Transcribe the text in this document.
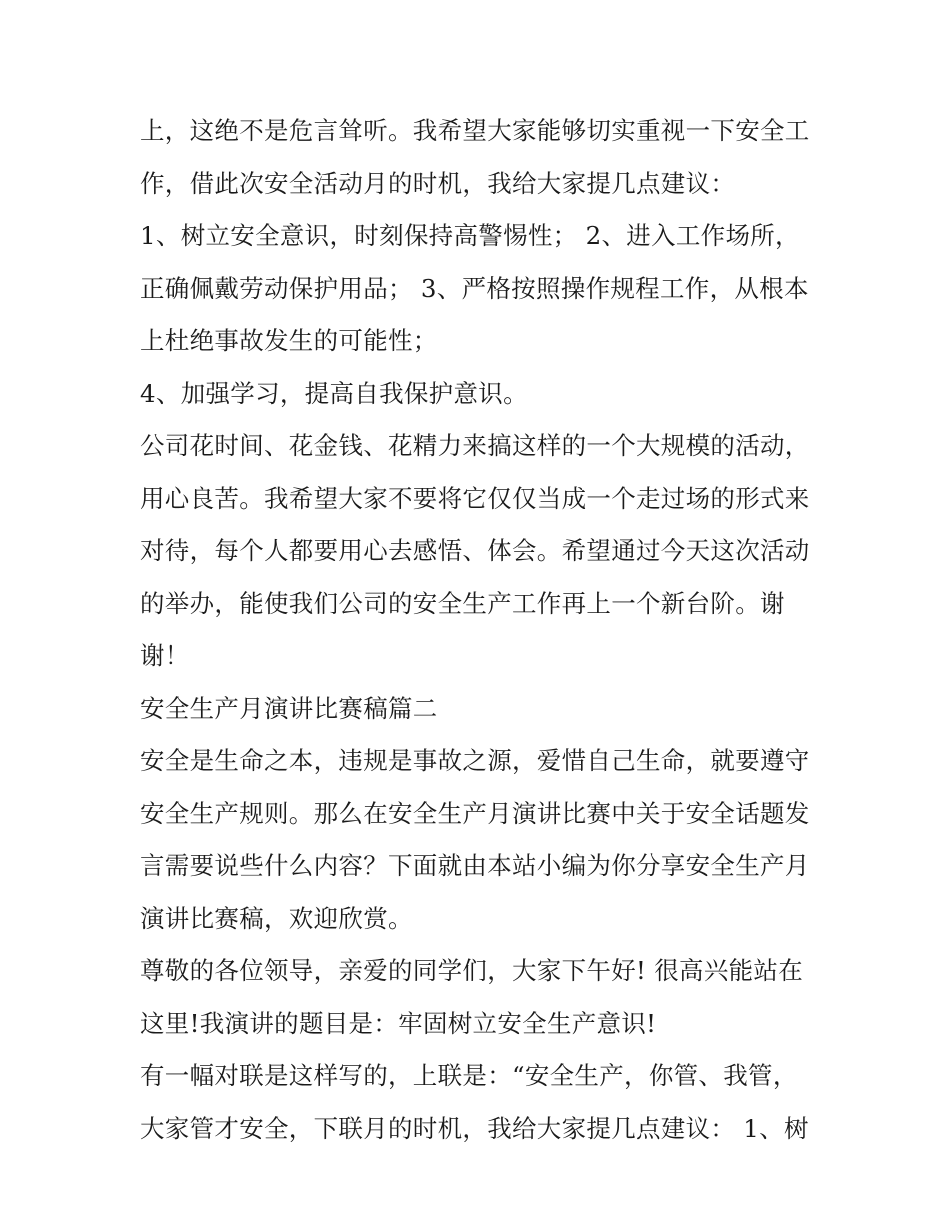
上，这绝不是危言耸听。我希望大家能够切实重视一下安全工
作，借此次安全活动月的时机，我给大家提几点建议：
1、树立安全意识，时刻保持高警惕性； 2、进入工作场所，
正确佩戴劳动保护用品； 3、严格按照操作规程工作，从根本
上杜绝事故发生的可能性；
4、加强学习，提高自我保护意识。
公司花时间、花金钱、花精力来搞这样的一个大规模的活动，
用心良苦。我希望大家不要将它仅仅当成一个走过场的形式来
对待，每个人都要用心去感悟、体会。希望通过今天这次活动
的举办，能使我们公司的安全生产工作再上一个新台阶。谢
谢！
安全生产月演讲比赛稿篇二
安全是生命之本，违规是事故之源，爱惜自己生命，就要遵守
安全生产规则。那么在安全生产月演讲比赛中关于安全话题发
言需要说些什么内容？下面就由本站小编为你分享安全生产月
演讲比赛稿，欢迎欣赏。
尊敬的各位领导，亲爱的同学们，大家下午好! 很高兴能站在
这里!我演讲的题目是：牢固树立安全生产意识!
有一幅对联是这样写的，上联是：“安全生产，你管、我管，
大家管才安全，下联月的时机，我给大家提几点建议： 1、树
